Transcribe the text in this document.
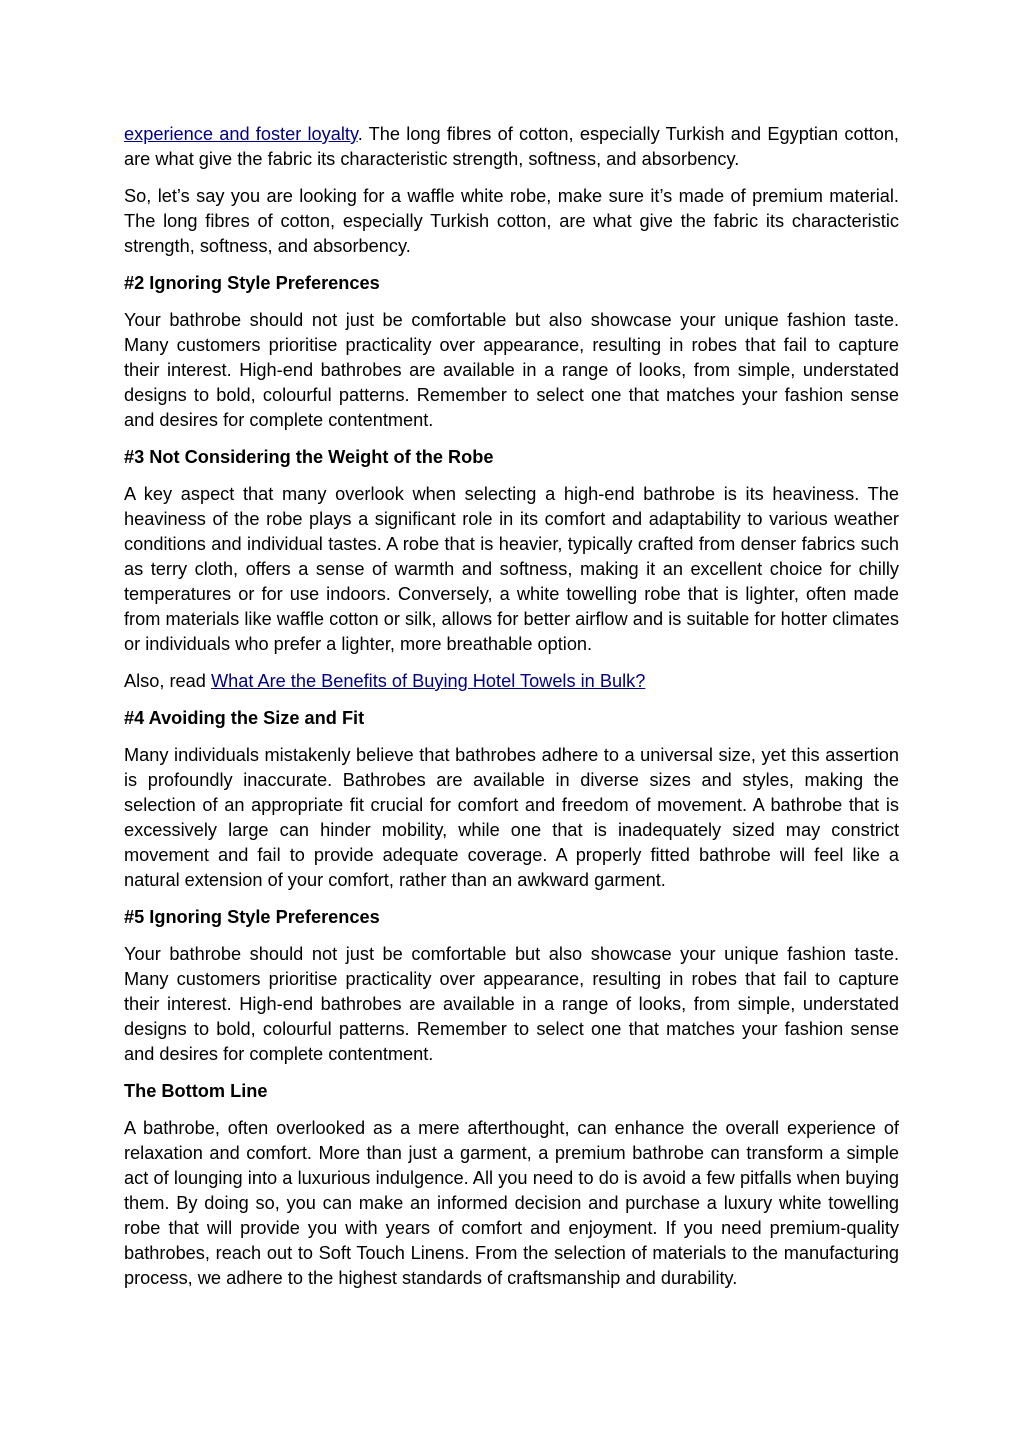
experience and foster loyalty. The long fibres of cotton, especially Turkish and Egyptian cotton, are what give the fabric its characteristic strength, softness, and absorbency.

So, let’s say you are looking for a waffle white robe, make sure it’s made of premium material. The long fibres of cotton, especially Turkish cotton, are what give the fabric its characteristic strength, softness, and absorbency.

#2 Ignoring Style Preferences

Your bathrobe should not just be comfortable but also showcase your unique fashion taste. Many customers prioritise practicality over appearance, resulting in robes that fail to capture their interest. High-end bathrobes are available in a range of looks, from simple, understated designs to bold, colourful patterns. Remember to select one that matches your fashion sense and desires for complete contentment.

#3 Not Considering the Weight of the Robe

A key aspect that many overlook when selecting a high-end bathrobe is its heaviness. The heaviness of the robe plays a significant role in its comfort and adaptability to various weather conditions and individual tastes. A robe that is heavier, typically crafted from denser fabrics such as terry cloth, offers a sense of warmth and softness, making it an excellent choice for chilly temperatures or for use indoors. Conversely, a white towelling robe that is lighter, often made from materials like waffle cotton or silk, allows for better airflow and is suitable for hotter climates or individuals who prefer a lighter, more breathable option.

Also, read What Are the Benefits of Buying Hotel Towels in Bulk?

#4 Avoiding the Size and Fit

Many individuals mistakenly believe that bathrobes adhere to a universal size, yet this assertion is profoundly inaccurate. Bathrobes are available in diverse sizes and styles, making the selection of an appropriate fit crucial for comfort and freedom of movement. A bathrobe that is excessively large can hinder mobility, while one that is inadequately sized may constrict movement and fail to provide adequate coverage. A properly fitted bathrobe will feel like a natural extension of your comfort, rather than an awkward garment.

#5 Ignoring Style Preferences

Your bathrobe should not just be comfortable but also showcase your unique fashion taste. Many customers prioritise practicality over appearance, resulting in robes that fail to capture their interest. High-end bathrobes are available in a range of looks, from simple, understated designs to bold, colourful patterns. Remember to select one that matches your fashion sense and desires for complete contentment.

The Bottom Line

A bathrobe, often overlooked as a mere afterthought, can enhance the overall experience of relaxation and comfort. More than just a garment, a premium bathrobe can transform a simple act of lounging into a luxurious indulgence. All you need to do is avoid a few pitfalls when buying them. By doing so, you can make an informed decision and purchase a luxury white towelling robe that will provide you with years of comfort and enjoyment. If you need premium-quality bathrobes, reach out to Soft Touch Linens. From the selection of materials to the manufacturing process, we adhere to the highest standards of craftsmanship and durability.
